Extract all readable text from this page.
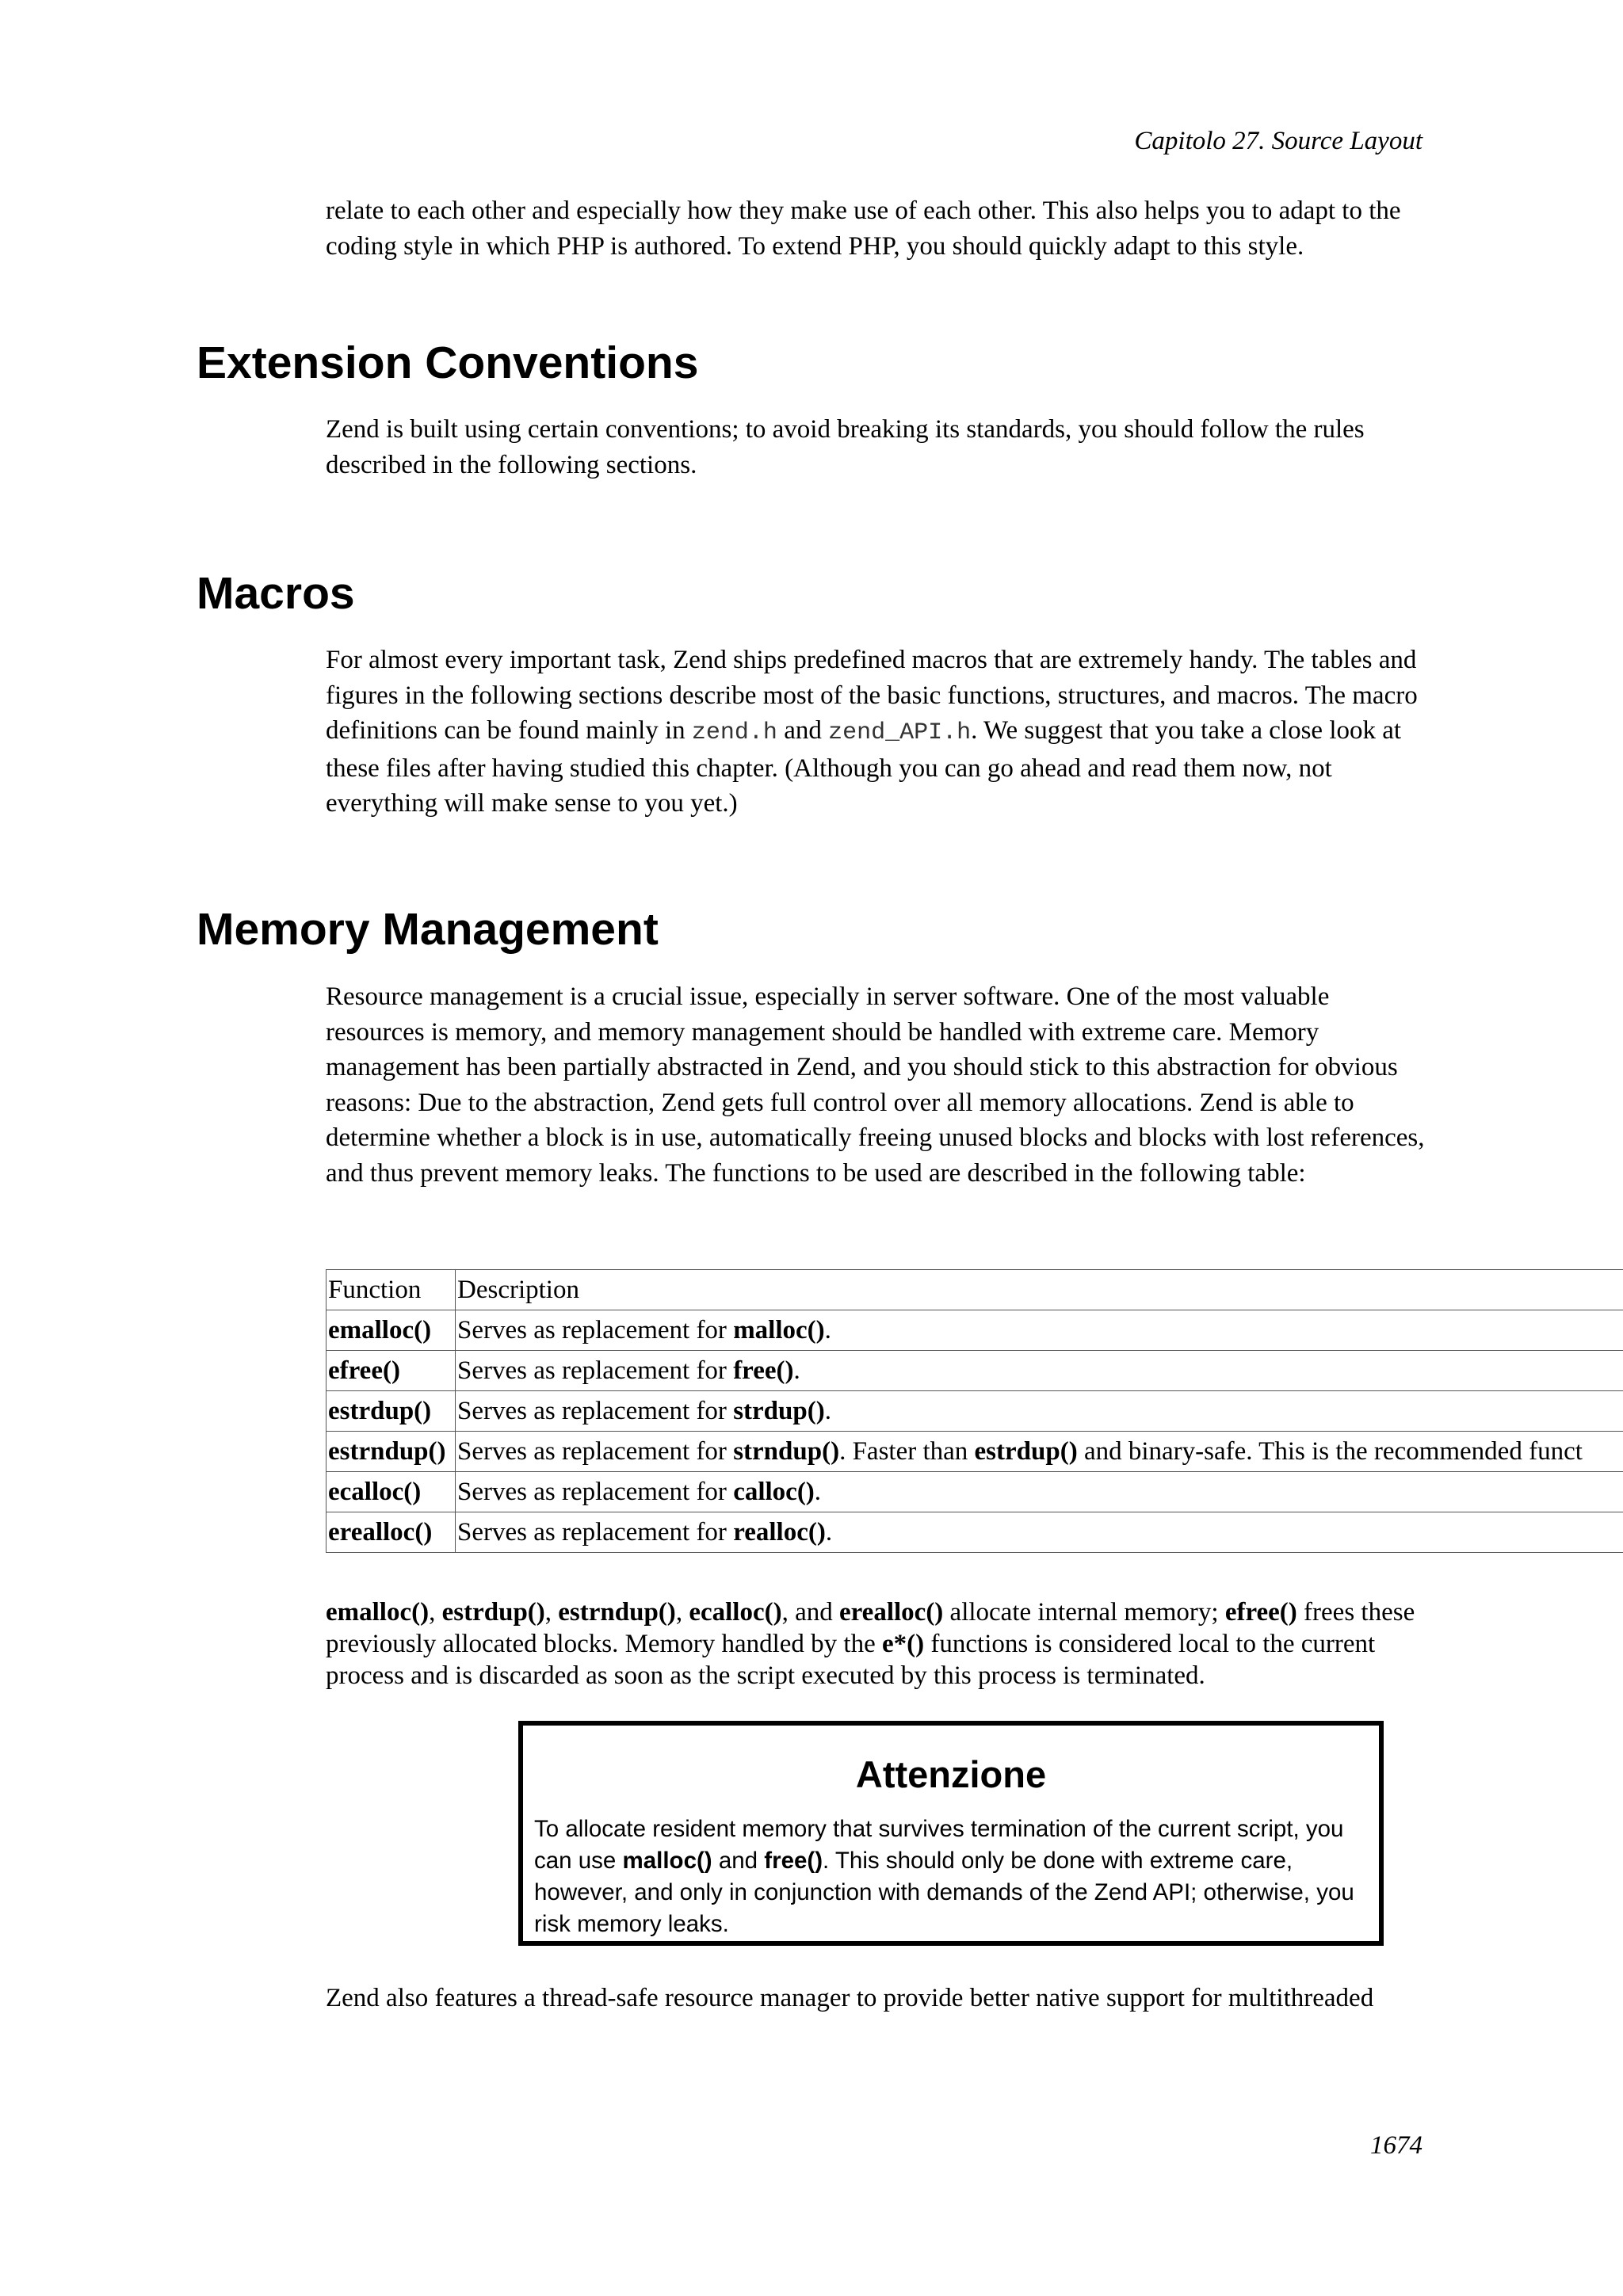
Capitolo 27. Source Layout

relate to each other and especially how they make use of each other. This also helps you to adapt to the coding style in which PHP is authored. To extend PHP, you should quickly adapt to this style.

Extension Conventions

Zend is built using certain conventions; to avoid breaking its standards, you should follow the rules described in the following sections.

Macros

For almost every important task, Zend ships predefined macros that are extremely handy. The tables and figures in the following sections describe most of the basic functions, structures, and macros. The macro definitions can be found mainly in zend.h and zend_API.h. We suggest that you take a close look at these files after having studied this chapter. (Although you can go ahead and read them now, not everything will make sense to you yet.)

Memory Management

Resource management is a crucial issue, especially in server software. One of the most valuable resources is memory, and memory management should be handled with extreme care. Memory management has been partially abstracted in Zend, and you should stick to this abstraction for obvious reasons: Due to the abstraction, Zend gets full control over all memory allocations. Zend is able to determine whether a block is in use, automatically freeing unused blocks and blocks with lost references, and thus prevent memory leaks. The functions to be used are described in the following table:

Function	Description
emalloc()	Serves as replacement for malloc().
efree()	Serves as replacement for free().
estrdup()	Serves as replacement for strdup().
estrndup()	Serves as replacement for strndup(). Faster than estrdup() and binary-safe. This is the recommended funct
ecalloc()	Serves as replacement for calloc().
erealloc()	Serves as replacement for realloc().

emalloc(), estrdup(), estrndup(), ecalloc(), and erealloc() allocate internal memory; efree() frees these previously allocated blocks. Memory handled by the e*() functions is considered local to the current process and is discarded as soon as the script executed by this process is terminated.

Attenzione

To allocate resident memory that survives termination of the current script, you can use malloc() and free(). This should only be done with extreme care, however, and only in conjunction with demands of the Zend API; otherwise, you risk memory leaks.

Zend also features a thread-safe resource manager to provide better native support for multithreaded

1674
